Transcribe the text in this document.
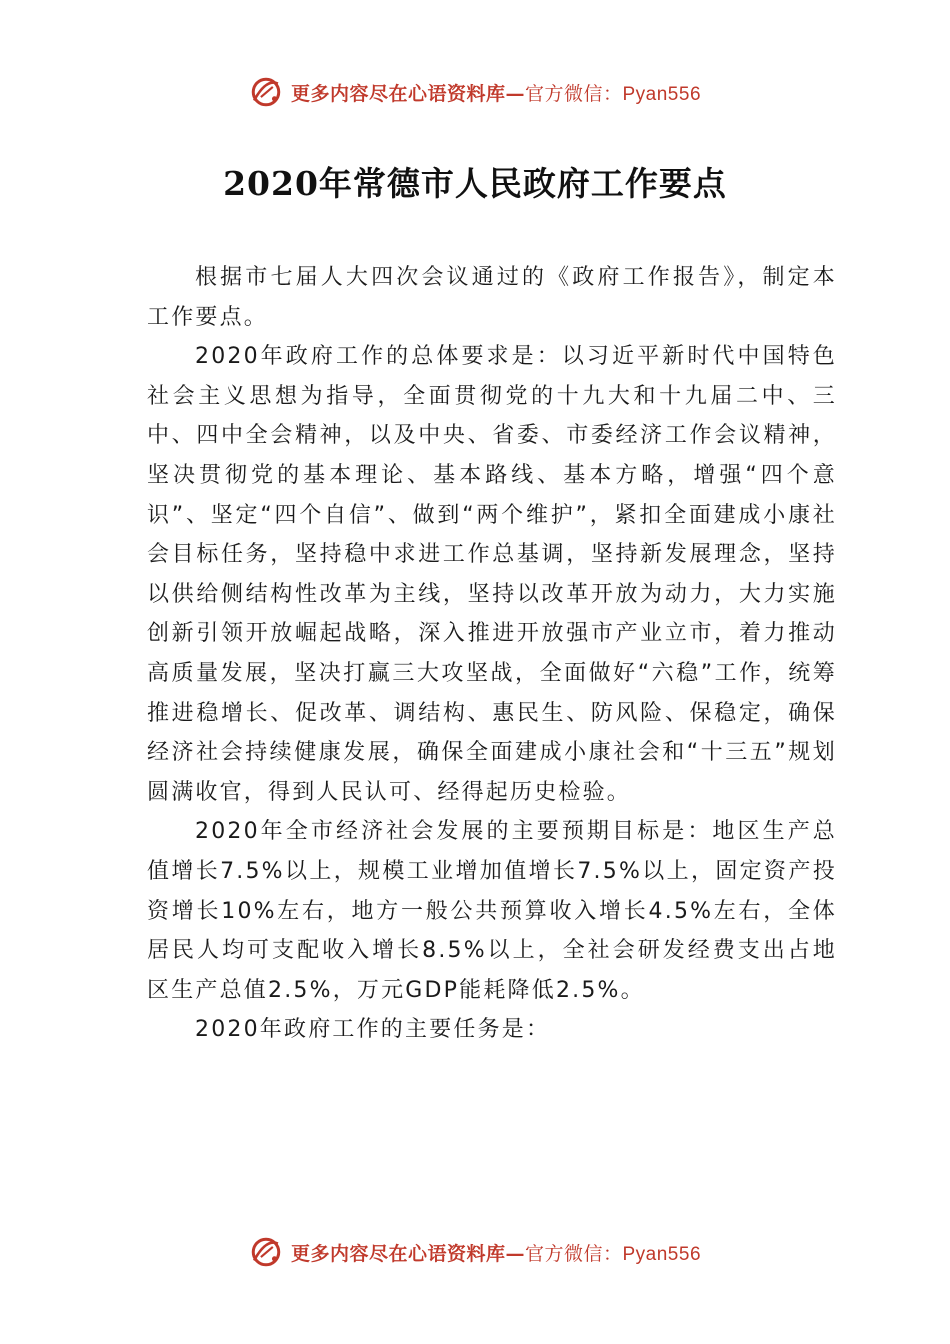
更多内容尽在心语资料库—官方微信：Pyan556
2020年常德市人民政府工作要点

根据市七届人大四次会议通过的《政府工作报告》，制定本工作要点。

2020年政府工作的总体要求是：以习近平新时代中国特色社会主义思想为指导，全面贯彻党的十九大和十九届二中、三中、四中全会精神，以及中央、省委、市委经济工作会议精神，坚决贯彻党的基本理论、基本路线、基本方略，增强“四个意识”、坚定“四个自信”、做到“两个维护”，紧扣全面建成小康社会目标任务，坚持稳中求进工作总基调，坚持新发展理念，坚持以供给侧结构性改革为主线，坚持以改革开放为动力，大力实施创新引领开放崛起战略，深入推进开放强市产业立市，着力推动高质量发展，坚决打赢三大攻坚战，全面做好“六稳”工作，统筹推进稳增长、促改革、调结构、惠民生、防风险、保稳定，确保经济社会持续健康发展，确保全面建成小康社会和“十三五”规划圆满收官，得到人民认可、经得起历史检验。

2020年全市经济社会发展的主要预期目标是：地区生产总值增长7.5%以上，规模工业增加值增长7.5%以上，固定资产投资增长10%左右，地方一般公共预算收入增长4.5%左右，全体居民人均可支配收入增长8.5%以上，全社会研发经费支出占地区生产总值2.5%，万元GDP能耗降低2.5%。

2020年政府工作的主要任务是：

更多内容尽在心语资料库—官方微信：Pyan556
